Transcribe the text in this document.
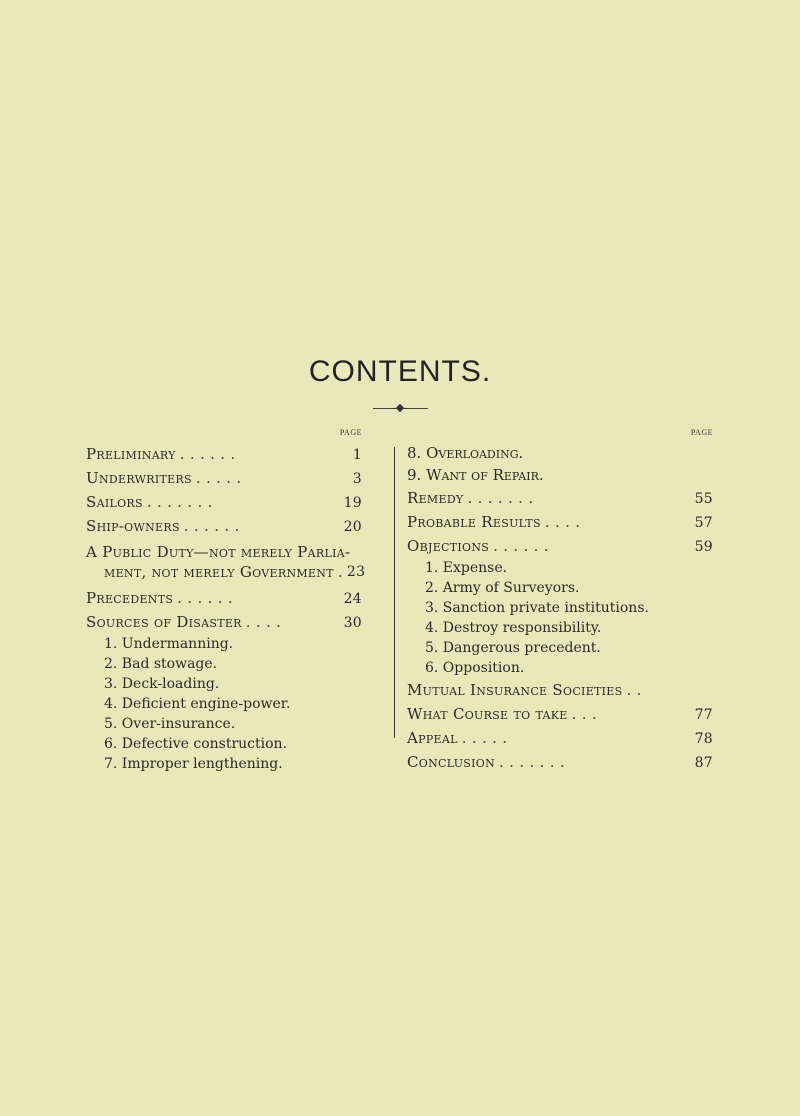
CONTENTS.
PAGE
Preliminary . . . . . .	1
Underwriters . . . . .	3
Sailors . . . . . . .	19
Ship-owners . . . . . .	20
A Public Duty—not merely Parlia-
ment, not merely Government . 23
Precedents . . . . . .	24
Sources of Disaster . . . .	30
1. Undermanning.
2. Bad stowage.
3. Deck-loading.
4. Deficient engine-power.
5. Over-insurance.
6. Defective construction.
7. Improper lengthening.
PAGE
8. Overloading.
9. Want of Repair.
Remedy . . . . . . .	55
Probable Results . . . .	57
Objections . . . . . .	59
1. Expense.
2. Army of Surveyors.
3. Sanction private institutions.
4. Destroy responsibility.
5. Dangerous precedent.
6. Opposition.
Mutual Insurance Societies . .
What Course to take . . .	77
Appeal . . . . .	78
Conclusion . . . . . . .	87
